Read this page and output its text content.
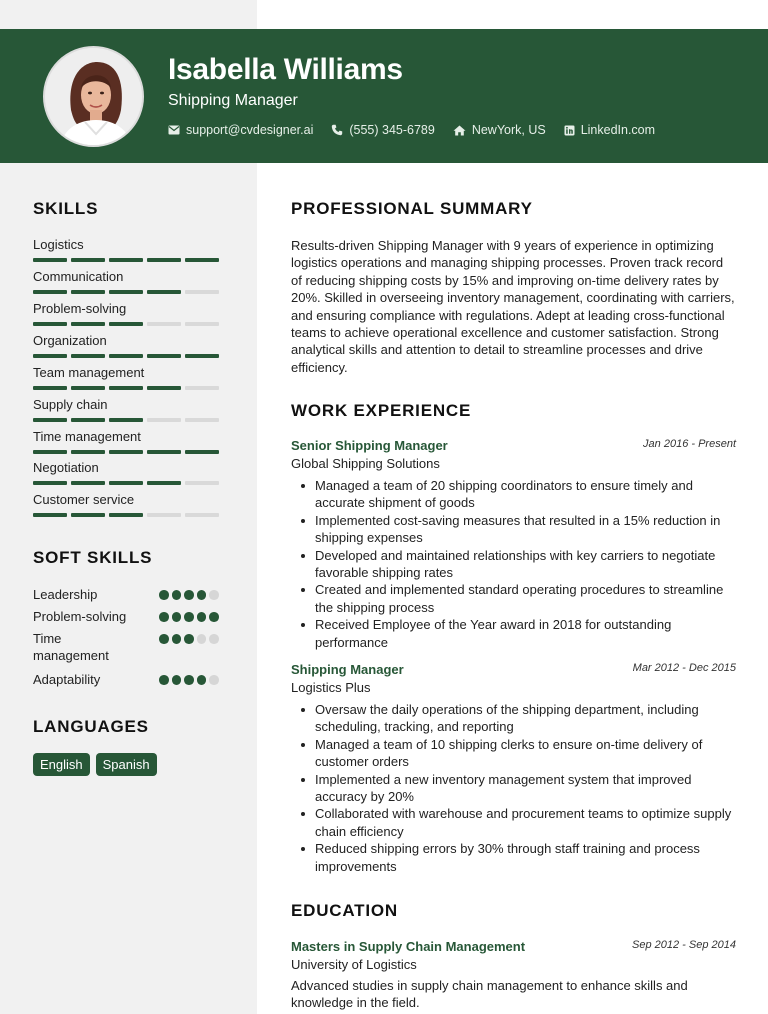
Isabella Williams
Shipping Manager
support@cvdesigner.ai	(555) 345-6789	NewYork, US	LinkedIn.com
SKILLS
Logistics
Communication
Problem-solving
Organization
Team management
Supply chain
Time management
Negotiation
Customer service
SOFT SKILLS
Leadership
Problem-solving
Time management
Adaptability
LANGUAGES
English	Spanish
PROFESSIONAL SUMMARY
Results-driven Shipping Manager with 9 years of experience in optimizing logistics operations and managing shipping processes. Proven track record of reducing shipping costs by 15% and improving on-time delivery rates by 20%. Skilled in overseeing inventory management, coordinating with carriers, and ensuring compliance with regulations. Adept at leading cross-functional teams to achieve operational excellence and customer satisfaction. Strong analytical skills and attention to detail to streamline processes and drive efficiency.
WORK EXPERIENCE
Senior Shipping Manager	Jan 2016 - Present
Global Shipping Solutions
Managed a team of 20 shipping coordinators to ensure timely and accurate shipment of goods
Implemented cost-saving measures that resulted in a 15% reduction in shipping expenses
Developed and maintained relationships with key carriers to negotiate favorable shipping rates
Created and implemented standard operating procedures to streamline the shipping process
Received Employee of the Year award in 2018 for outstanding performance
Shipping Manager	Mar 2012 - Dec 2015
Logistics Plus
Oversaw the daily operations of the shipping department, including scheduling, tracking, and reporting
Managed a team of 10 shipping clerks to ensure on-time delivery of customer orders
Implemented a new inventory management system that improved accuracy by 20%
Collaborated with warehouse and procurement teams to optimize supply chain efficiency
Reduced shipping errors by 30% through staff training and process improvements
EDUCATION
Masters in Supply Chain Management	Sep 2012 - Sep 2014
University of Logistics
Advanced studies in supply chain management to enhance skills and knowledge in the field.
